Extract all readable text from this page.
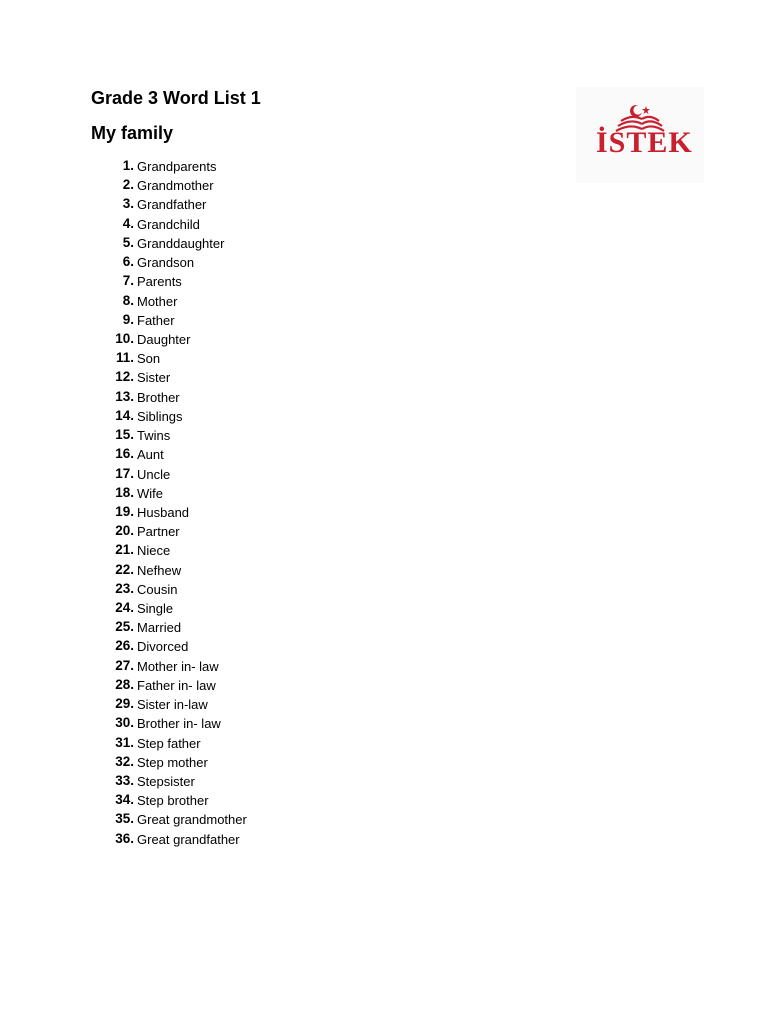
Grade 3 Word List 1
My family
1. Grandparents
2. Grandmother
3. Grandfather
4. Grandchild
5. Granddaughter
6. Grandson
7. Parents
8. Mother
9. Father
10. Daughter
11. Son
12. Sister
13. Brother
14. Siblings
15. Twins
16. Aunt
17. Uncle
18. Wife
19. Husband
20. Partner
21. Niece
22. Nefhew
23. Cousin
24. Single
25. Married
26. Divorced
27. Mother in- law
28. Father in- law
29. Sister in-law
30. Brother in- law
31. Step father
32. Step mother
33. Stepsister
34. Step brother
35. Great grandmother
36. Great grandfather
İSTEK
